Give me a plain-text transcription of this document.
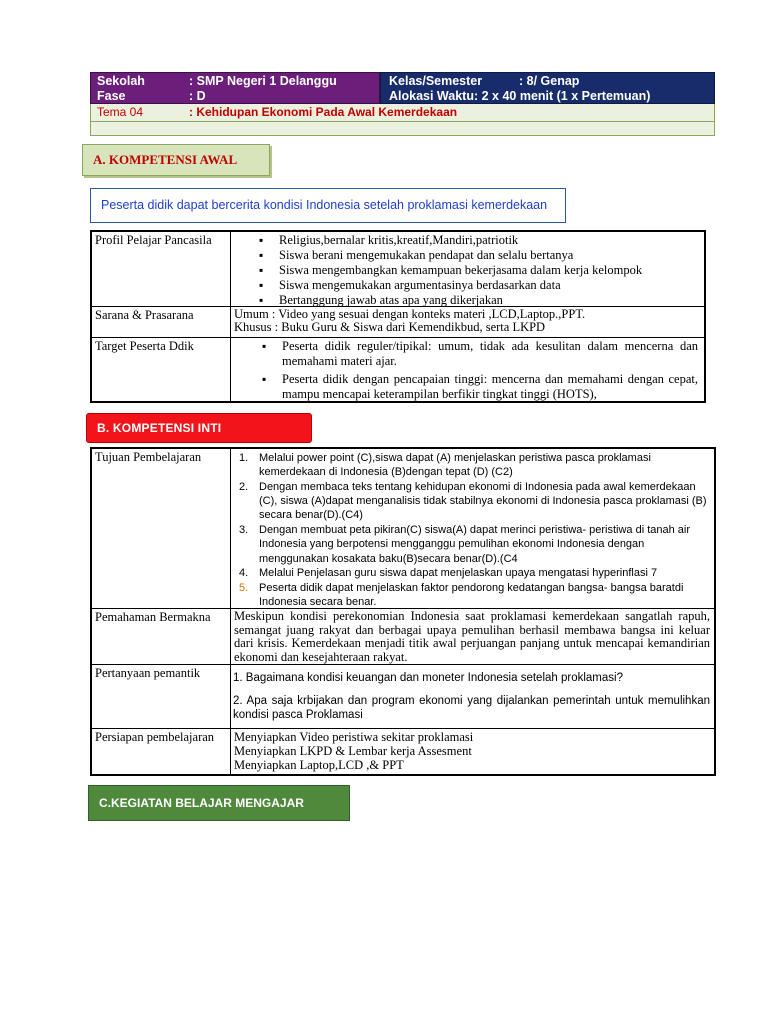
Sekolah	: SMP Negeri 1 Delanggu
Fase	: D
Kelas/Semester	: 8/ Genap
Alokasi Waktu: 2 x 40 menit (1 x Pertemuan)
Tema 04	: Kehidupan Ekonomi Pada Awal Kemerdekaan
A. KOMPETENSI AWAL
Peserta didik dapat bercerita kondisi Indonesia setelah proklamasi kemerdekaan
Profil Pelajar Pancasila	▪ Religius,bernalar kritis,kreatif,Mandiri,patriotik
▪ Siswa berani mengemukakan pendapat dan selalu bertanya
▪ Siswa mengembangkan kemampuan bekerjasama dalam kerja kelompok
▪ Siswa mengemukakan argumentasinya berdasarkan data
▪ Bertanggung jawab atas apa yang dikerjakan
Sarana & Prasarana	Umum : Video yang sesuai dengan konteks materi ,LCD,Laptop.,PPT.
Khusus : Buku Guru & Siswa dari Kemendikbud, serta LKPD
Target Peserta Ddik	▪ Peserta didik reguler/tipikal: umum, tidak ada kesulitan dalam mencerna dan memahami materi ajar.
▪ Peserta didik dengan pencapaian tinggi: mencerna dan memahami dengan cepat, mampu mencapai keterampilan berfikir tingkat tinggi (HOTS),
B. KOMPETENSI INTI
Tujuan Pembelajaran	1. Melalui power point (C),siswa dapat (A) menjelaskan peristiwa pasca proklamasi kemerdekaan di Indonesia (B)dengan tepat (D) (C2)
2. Dengan membaca teks tentang kehidupan ekonomi di Indonesia pada awal kemerdekaan (C), siswa (A)dapat menganalisis tidak stabilnya ekonomi di Indonesia pasca proklamasi (B) secara benar(D).(C4)
3. Dengan membuat peta pikiran(C) siswa(A) dapat merinci peristiwa- peristiwa di tanah air Indonesia yang berpotensi mengganggu pemulihan ekonomi Indonesia dengan menggunakan kosakata baku(B)secara benar(D).(C4
4. Melalui Penjelasan guru siswa dapat menjelaskan upaya mengatasi hyperinflasi 7
5. Peserta didik dapat menjelaskan faktor pendorong kedatangan bangsa- bangsa baratdi Indonesia secara benar.
Pemahaman Bermakna	Meskipun kondisi perekonomian Indonesia saat proklamasi kemerdekaan sangatlah rapuh, semangat juang rakyat dan berbagai upaya pemulihan berhasil membawa bangsa ini keluar dari krisis. Kemerdekaan menjadi titik awal perjuangan panjang untuk mencapai kemandirian ekonomi dan kesejahteraan rakyat.
Pertanyaan pemantik	1. Bagaimana kondisi keuangan dan moneter Indonesia setelah proklamasi?
2. Apa saja krbijakan dan program ekonomi yang dijalankan pemerintah untuk memulihkan kondisi pasca Proklamasi
Persiapan pembelajaran	Menyiapkan Video peristiwa sekitar proklamasi
Menyiapkan LKPD & Lembar kerja Assesment
Menyiapkan Laptop,LCD ,& PPT
C.KEGIATAN BELAJAR MENGAJAR
